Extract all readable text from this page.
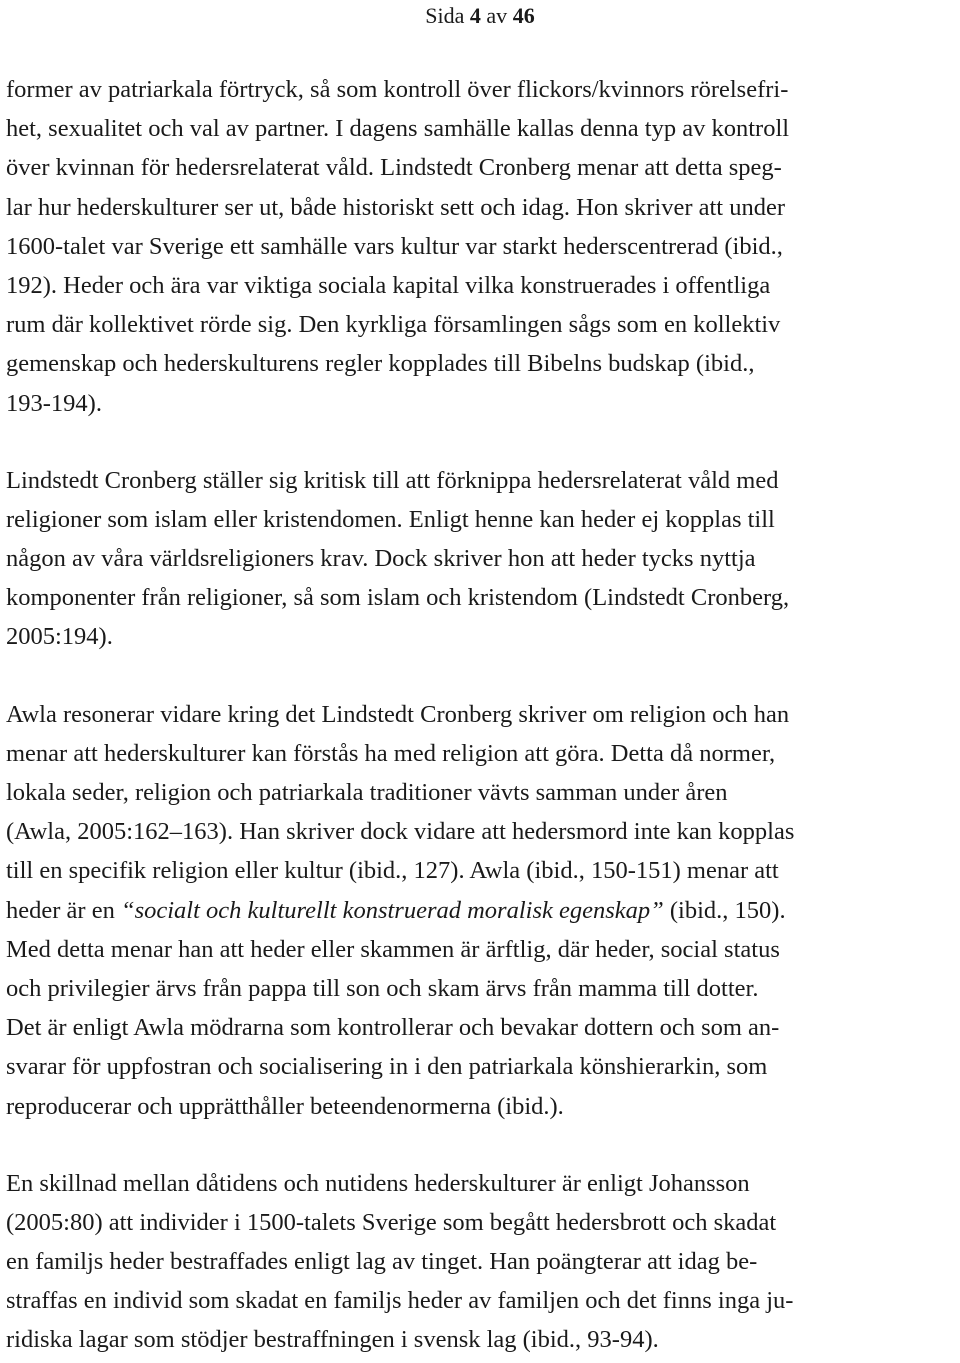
Sida 4 av 46

former av patriarkala förtryck, så som kontroll över flickors/kvinnors rörelsefri-
het, sexualitet och val av partner. I dagens samhälle kallas denna typ av kontroll
över kvinnan för hedersrelaterat våld. Lindstedt Cronberg menar att detta speg-
lar hur hederskulturer ser ut, både historiskt sett och idag. Hon skriver att under
1600-talet var Sverige ett samhälle vars kultur var starkt hederscentrerad (ibid.,
192). Heder och ära var viktiga sociala kapital vilka konstruerades i offentliga
rum där kollektivet rörde sig. Den kyrkliga församlingen sågs som en kollektiv
gemenskap och hederskulturens regler kopplades till Bibelns budskap (ibid.,
193-194).

Lindstedt Cronberg ställer sig kritisk till att förknippa hedersrelaterat våld med
religioner som islam eller kristendomen. Enligt henne kan heder ej kopplas till
någon av våra världsreligioners krav. Dock skriver hon att heder tycks nyttja
komponenter från religioner, så som islam och kristendom (Lindstedt Cronberg,
2005:194).

Awla resonerar vidare kring det Lindstedt Cronberg skriver om religion och han
menar att hederskulturer kan förstås ha med religion att göra. Detta då normer,
lokala seder, religion och patriarkala traditioner vävts samman under åren
(Awla, 2005:162–163). Han skriver dock vidare att hedersmord inte kan kopplas
till en specifik religion eller kultur (ibid., 127). Awla (ibid., 150-151) menar att
heder är en “socialt och kulturellt konstruerad moralisk egenskap” (ibid., 150).
Med detta menar han att heder eller skammen är ärftlig, där heder, social status
och privilegier ärvs från pappa till son och skam ärvs från mamma till dotter.
Det är enligt Awla mödrarna som kontrollerar och bevakar dottern och som an-
svarar för uppfostran och socialisering in i den patriarkala könshierarkin, som
reproducerar och upprätthåller beteendenormerna (ibid.).

En skillnad mellan dåtidens och nutidens hederskulturer är enligt Johansson
(2005:80) att individer i 1500-talets Sverige som begått hedersbrott och skadat
en familjs heder bestraffades enligt lag av tinget. Han poängterar att idag be-
straffas en individ som skadat en familjs heder av familjen och det finns inga ju-
ridiska lagar som stödjer bestraffningen i svensk lag (ibid., 93-94).
